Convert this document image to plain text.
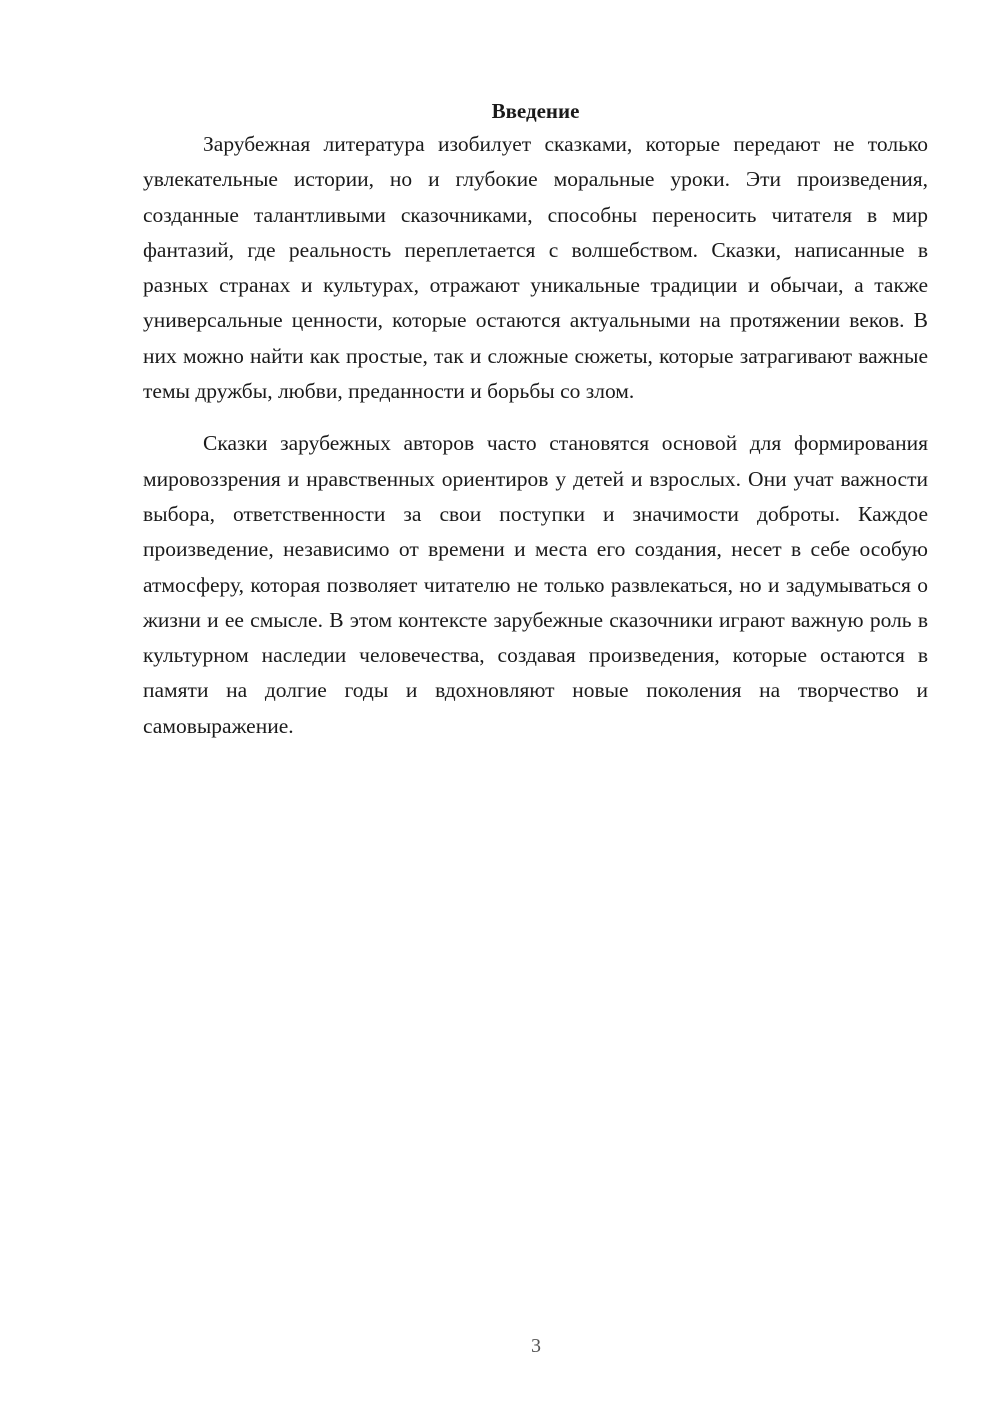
Введение

Зарубежная литература изобилует сказками, которые передают не только увлекательные истории, но и глубокие моральные уроки. Эти произведения, созданные талантливыми сказочниками, способны переносить читателя в мир фантазий, где реальность переплетается с волшебством. Сказки, написанные в разных странах и культурах, отражают уникальные традиции и обычаи, а также универсальные ценности, которые остаются актуальными на протяжении веков. В них можно найти как простые, так и сложные сюжеты, которые затрагивают важные темы дружбы, любви, преданности и борьбы со злом.

Сказки зарубежных авторов часто становятся основой для формирования мировоззрения и нравственных ориентиров у детей и взрослых. Они учат важности выбора, ответственности за свои поступки и значимости доброты. Каждое произведение, независимо от времени и места его создания, несет в себе особую атмосферу, которая позволяет читателю не только развлекаться, но и задумываться о жизни и ее смысле. В этом контексте зарубежные сказочники играют важную роль в культурном наследии человечества, создавая произведения, которые остаются в памяти на долгие годы и вдохновляют новые поколения на творчество и самовыражение.

3
